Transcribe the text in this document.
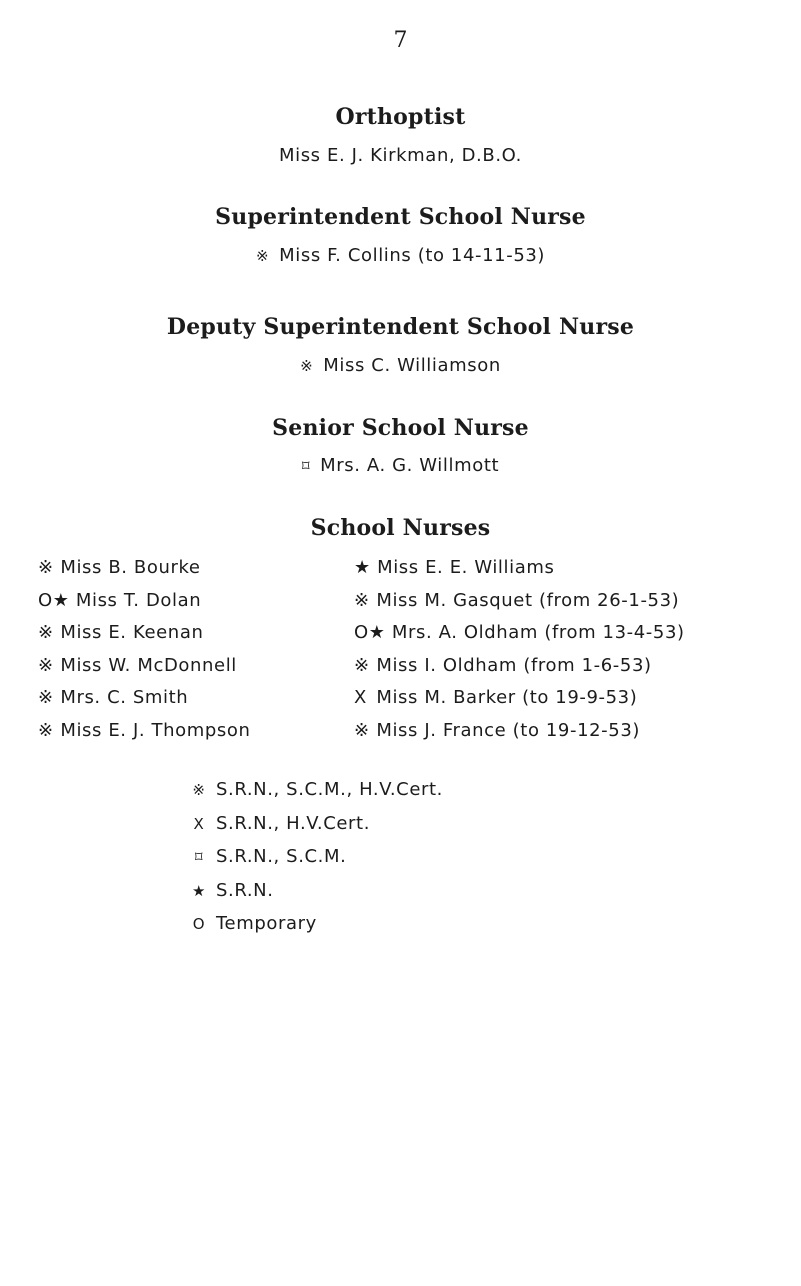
7
Orthoptist
Miss E. J. Kirkman, D.B.O.
Superintendent School Nurse
※ Miss F. Collins (to 14-11-53)
Deputy Superintendent School Nurse
※ Miss C. Williamson
Senior School Nurse
⌑ Mrs. A. G. Willmott
School Nurses
※ Miss B. Bourke
O★ Miss T. Dolan
※ Miss E. Keenan
※ Miss W. McDonnell
※ Mrs. C. Smith
※ Miss E. J. Thompson
★ Miss E. E. Williams
※ Miss M. Gasquet (from 26-1-53)
O★ Mrs. A. Oldham (from 13-4-53)
※ Miss I. Oldham (from 1-6-53)
X Miss M. Barker (to 19-9-53)
※ Miss J. France (to 19-12-53)
※ S.R.N., S.C.M., H.V.Cert.
X S.R.N., H.V.Cert.
⌑ S.R.N., S.C.M.
★ S.R.N.
O Temporary
